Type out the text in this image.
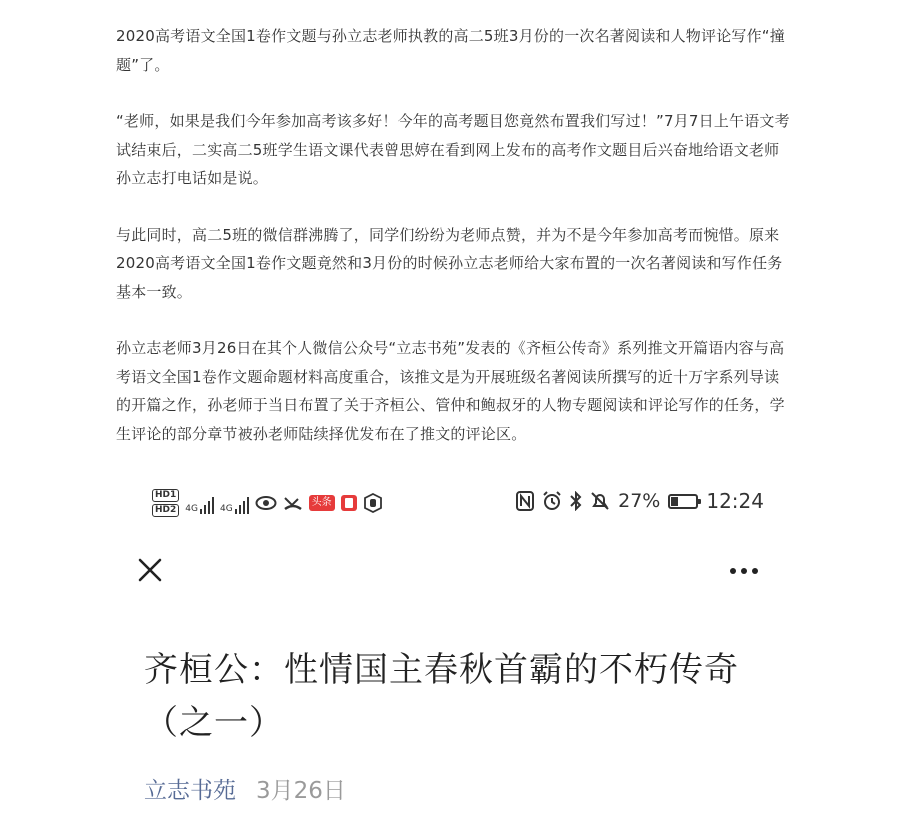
2020高考语文全国1卷作文题与孙立志老师执教的高二5班3月份的一次名著阅读和人物评论写作“撞题”了。

“老师，如果是我们今年参加高考该多好！今年的高考题目您竟然布置我们写过！”7月7日上午语文考试结束后，二实高二5班学生语文课代表曾思婷在看到网上发布的高考作文题目后兴奋地给语文老师孙立志打电话如是说。

与此同时，高二5班的微信群沸腾了，同学们纷纷为老师点赞，并为不是今年参加高考而惋惜。原来2020高考语文全国1卷作文题竟然和3月份的时候孙立志老师给大家布置的一次名著阅读和写作任务基本一致。

孙立志老师3月26日在其个人微信公众号“立志书苑”发表的《齐桓公传奇》系列推文开篇语内容与高考语文全国1卷作文题命题材料高度重合，该推文是为开展班级名著阅读所撰写的近十万字系列导读的开篇之作，孙老师于当日布置了关于齐桓公、管仲和鲍叔牙的人物专题阅读和评论写作的任务，学生评论的部分章节被孙老师陆续择优发布在了推文的评论区。

HD1
HD2	4G 4G
头条	27% 12:24
齐桓公：性情国主春秋首霸的不朽传奇（之一）
立志书苑 3月26日
